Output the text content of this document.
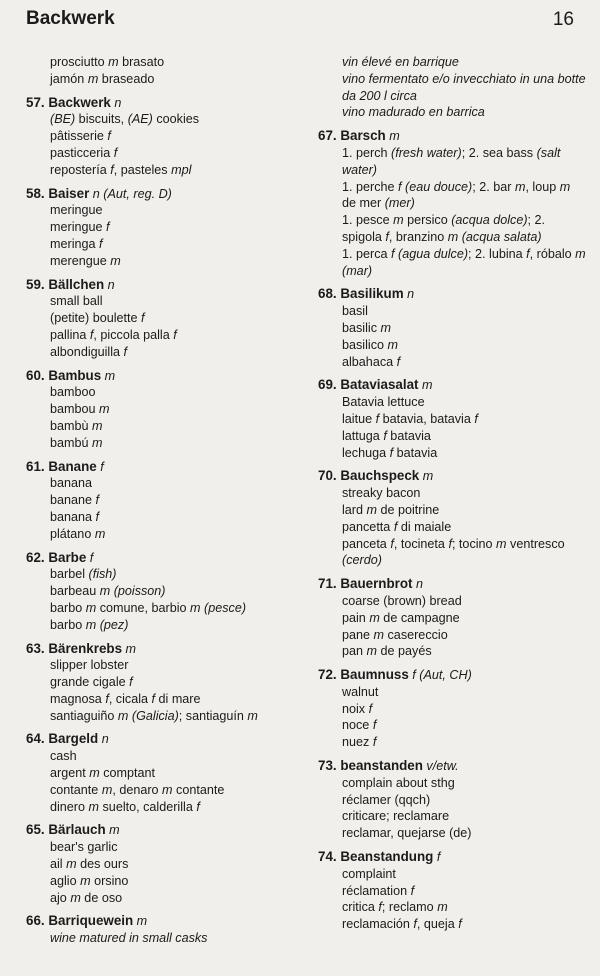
Backwerk	16
prosciutto m brasato
jamón m braseado
57. Backwerk n
(BE) biscuits, (AE) cookies
pâtisserie f
pasticceria f
repostería f, pasteles mpl
58. Baiser n (Aut, reg. D)
meringue
meringue f
meringa f
merengue m
59. Bällchen n
small ball
(petite) boulette f
pallina f, piccola palla f
albondiguilla f
60. Bambus m
bamboo
bambou m
bambù m
bambú m
61. Banane f
banana
banane f
banana f
plátano m
62. Barbe f
barbel (fish)
barbeau m (poisson)
barbo m comune, barbio m (pesce)
barbo m (pez)
63. Bärenkrebs m
slipper lobster
grande cigale f
magnosa f, cicala f di mare
santiaguiño m (Galicia); santiaguín m
64. Bargeld n
cash
argent m comptant
contante m, denaro m contante
dinero m suelto, calderilla f
65. Bärlauch m
bear's garlic
ail m des ours
aglio m orsino
ajo m de oso
66. Barriquewein m
wine matured in small casks
vin élevé en barrique
vino fermentato e/o invecchiato in una botte da 200 l circa
vino madurado en barrica
67. Barsch m
1. perch (fresh water); 2. sea bass (salt water)
1. perche f (eau douce); 2. bar m, loup m de mer (mer)
1. pesce m persico (acqua dolce); 2. spigola f, branzino m (acqua salata)
1. perca f (agua dulce); 2. lubina f, róbalo m (mar)
68. Basilikum n
basil
basilic m
basilico m
albahaca f
69. Bataviasalat m
Batavia lettuce
laitue f batavia, batavia f
lattuga f batavia
lechuga f batavia
70. Bauchspeck m
streaky bacon
lard m de poitrine
pancetta f di maiale
panceta f, tocineta f; tocino m ventresco (cerdo)
71. Bauernbrot n
coarse (brown) bread
pain m de campagne
pane m casereccio
pan m de payés
72. Baumnuss f (Aut, CH)
walnut
noix f
noce f
nuez f
73. beanstanden v/etw.
complain about sthg
réclamer (qqch)
criticare; reclamare
reclamar, quejarse (de)
74. Beanstandung f
complaint
réclamation f
critica f; reclamo m
reclamación f, queja f
